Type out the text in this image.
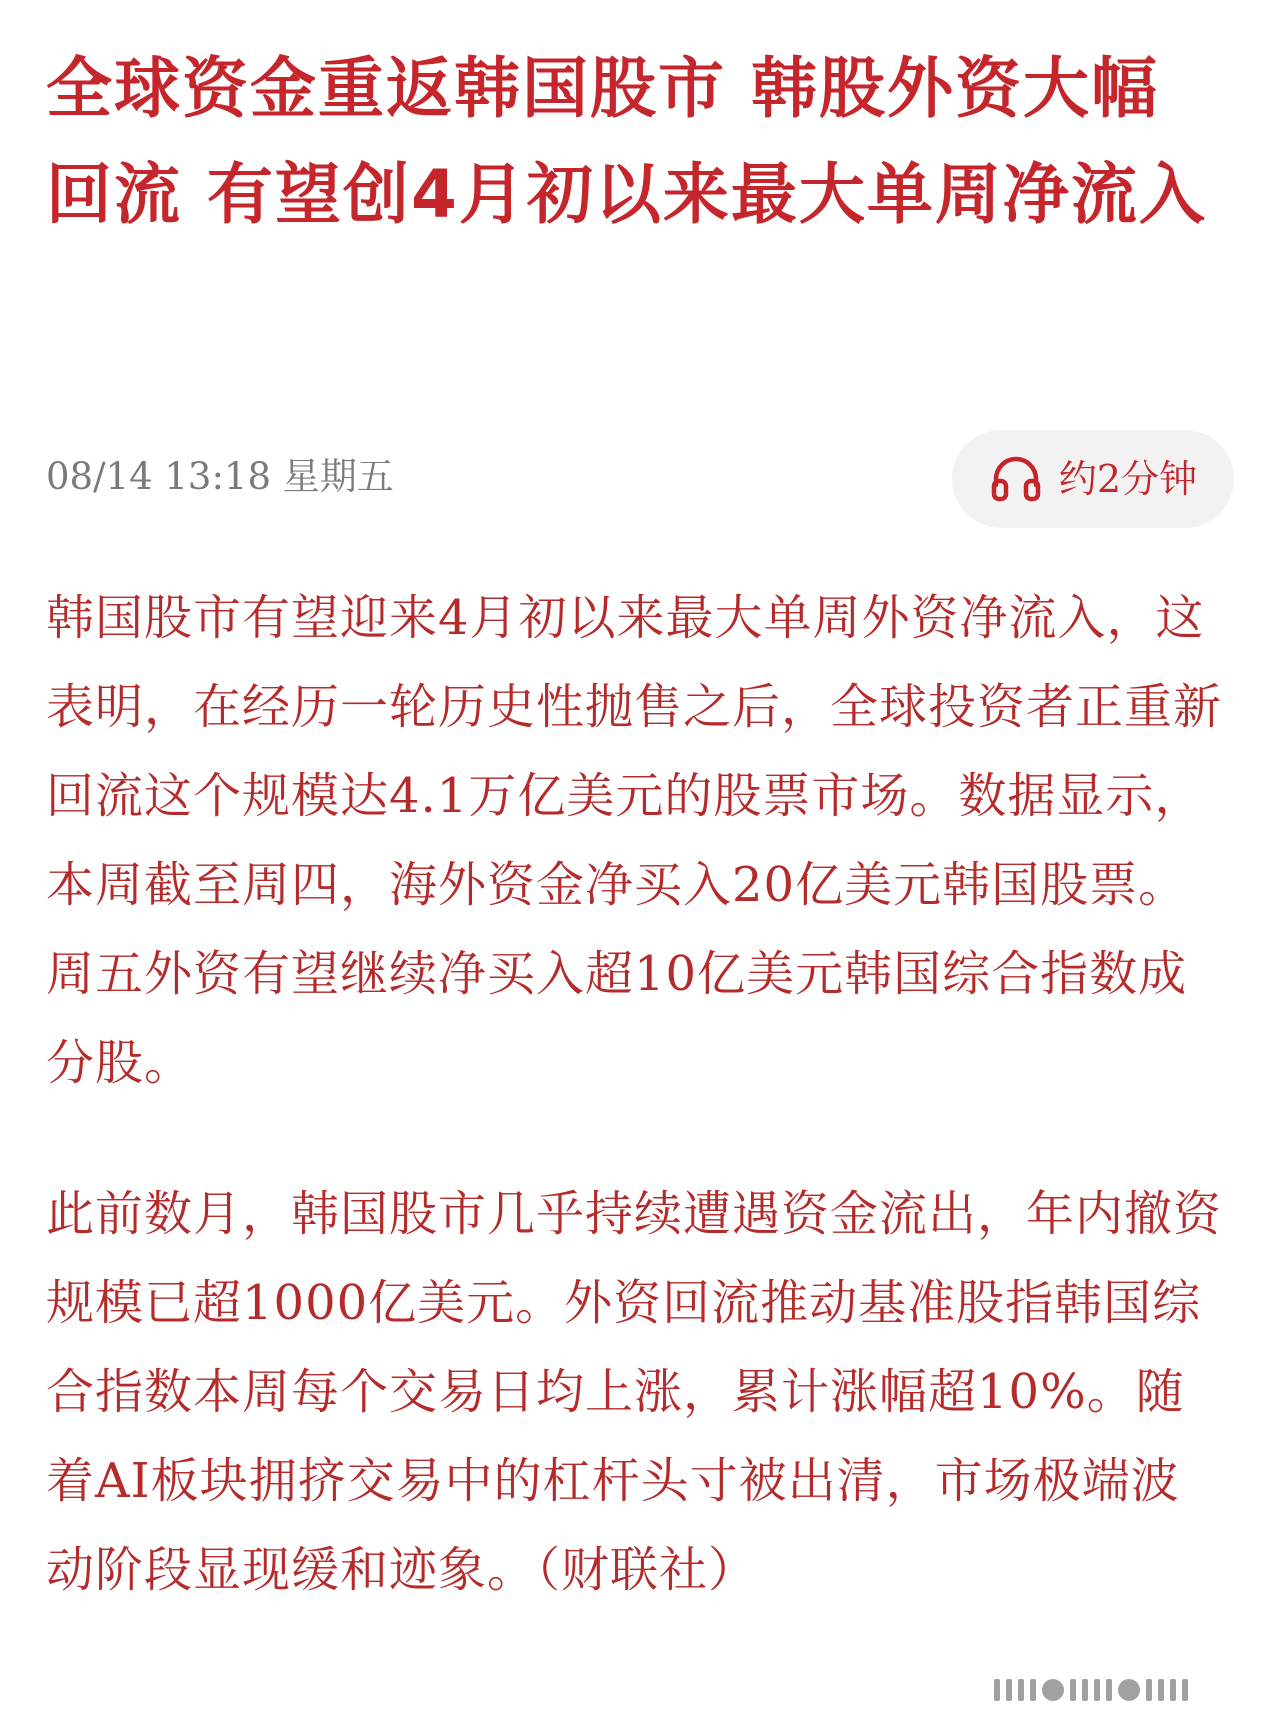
全球资金重返韩国股市 韩股外资大幅回流 有望创4月初以来最大单周净流入
08/14 13:18 星期五	约2分钟

韩国股市有望迎来4月初以来最大单周外资净流入，这表明，在经历一轮历史性抛售之后，全球投资者正重新回流这个规模达4.1万亿美元的股票市场。数据显示，本周截至周四，海外资金净买入20亿美元韩国股票。周五外资有望继续净买入超10亿美元韩国综合指数成分股。

此前数月，韩国股市几乎持续遭遇资金流出，年内撤资规模已超1000亿美元。外资回流推动基准股指韩国综合指数本周每个交易日均上涨，累计涨幅超10%。随着AI板块拥挤交易中的杠杆头寸被出清，市场极端波动阶段显现缓和迹象。（财联社）
